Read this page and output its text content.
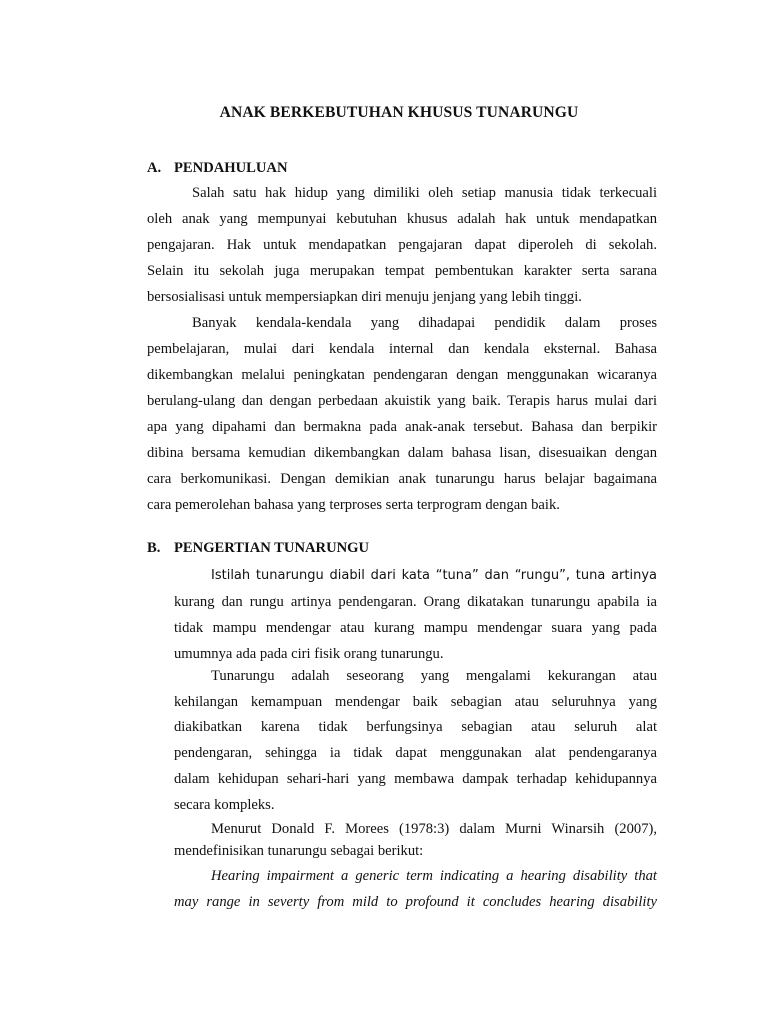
ANAK BERKEBUTUHAN KHUSUS TUNARUNGU
A. PENDAHULUAN
Salah satu hak hidup yang dimiliki oleh setiap manusia tidak terkecuali
oleh anak yang mempunyai kebutuhan khusus adalah hak untuk mendapatkan
pengajaran. Hak untuk mendapatkan pengajaran dapat diperoleh di sekolah.
Selain itu sekolah juga merupakan tempat pembentukan karakter serta sarana
bersosialisasi untuk mempersiapkan diri menuju jenjang yang lebih tinggi.
Banyak kendala-kendala yang dihadapai pendidik dalam proses
pembelajaran, mulai dari kendala internal dan kendala eksternal. Bahasa
dikembangkan melalui peningkatan pendengaran dengan menggunakan wicaranya
berulang-ulang dan dengan perbedaan akuistik yang baik. Terapis harus mulai dari
apa yang dipahami dan bermakna pada anak-anak tersebut. Bahasa dan berpikir
dibina bersama kemudian dikembangkan dalam bahasa lisan, disesuaikan dengan
cara berkomunikasi. Dengan demikian anak tunarungu harus belajar bagaimana
cara pemerolehan bahasa yang terproses serta terprogram dengan baik.
B. PENGERTIAN TUNARUNGU
Istilah tunarungu diabil dari kata “tuna” dan “rungu”, tuna artinya
kurang dan rungu artinya pendengaran. Orang dikatakan tunarungu apabila ia
tidak mampu mendengar atau kurang mampu mendengar suara yang pada
umumnya ada pada ciri fisik orang tunarungu.
Tunarungu adalah seseorang yang mengalami kekurangan atau
kehilangan kemampuan mendengar baik sebagian atau seluruhnya yang
diakibatkan karena tidak berfungsinya sebagian atau seluruh alat
pendengaran, sehingga ia tidak dapat menggunakan alat pendengaranya
dalam kehidupan sehari-hari yang membawa dampak terhadap kehidupannya
secara kompleks.
Menurut Donald F. Morees (1978:3) dalam Murni Winarsih (2007),
mendefinisikan tunarungu sebagai berikut:
Hearing impairment a generic term indicating a hearing disability that
may range in severty from mild to profound it concludes hearing disability
